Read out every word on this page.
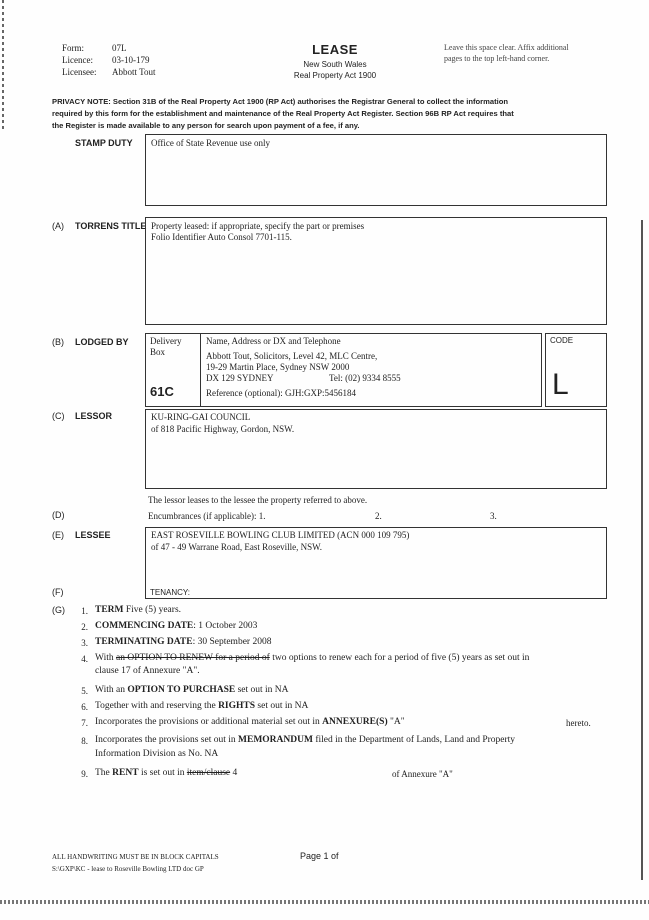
Form:	07L
Licence: 03-10-179
Licensee: Abbott Tout
LEASE
New South Wales
Real Property Act 1900
Leave this space clear. Affix additional
pages to the top left-hand corner.
PRIVACY NOTE: Section 31B of the Real Property Act 1900 (RP Act) authorises the Registrar General to collect the information
required by this form for the establishment and maintenance of the Real Property Act Register. Section 96B RP Act requires that
the Register is made available to any person for search upon payment of a fee, if any.
STAMP DUTY Office of State Revenue use only
(A) TORRENS TITLE Property leased: if appropriate, specify the part or premises
Folio Identifier Auto Consol 7701-115.
(B) LODGED BY Delivery
Box
61C
Name, Address or DX and Telephone
Abbott Tout, Solicitors, Level 42, MLC Centre,
19-29 Martin Place, Sydney NSW 2000
DX 129 SYDNEY	Tel: (02) 9334 8555
Reference (optional): GJH:GXP:5456184
CODE
L
(C) LESSOR	KU-RING-GAI COUNCIL
of 818 Pacific Highway, Gordon, NSW.
The lessor leases to the lessee the property referred to above.
(D)	Encumbrances (if applicable): 1.	2.	3.
(E) LESSEE	EAST ROSEVILLE BOWLING CLUB LIMITED (ACN 000 109 795)
of 47 - 49 Warrane Road, East Roseville, NSW.
(F)	TENANCY:
(G)	1. TERM Five (5) years.
2. COMMENCING DATE: 1 October 2003
3. TERMINATING DATE: 30 September 2008
4. With an OPTION TO RENEW for a period of two options to renew each for a period of five (5) years as set out in
clause 17 of Annexure "A".
5. With an OPTION TO PURCHASE set out in NA
6. Together with and reserving the RIGHTS set out in NA
7. Incorporates the provisions or additional material set out in ANNEXURE(S) "A"	hereto.
8. Incorporates the provisions set out in MEMORANDUM filed in the Department of Lands, Land and Property
Information Division as No. NA
9. The RENT is set out in item/clause 4	of Annexure "A"
ALL HANDWRITING MUST BE IN BLOCK CAPITALS	Page 1 of
S:\GXP\KC - lease to Roseville Bowling LTD doc GP
